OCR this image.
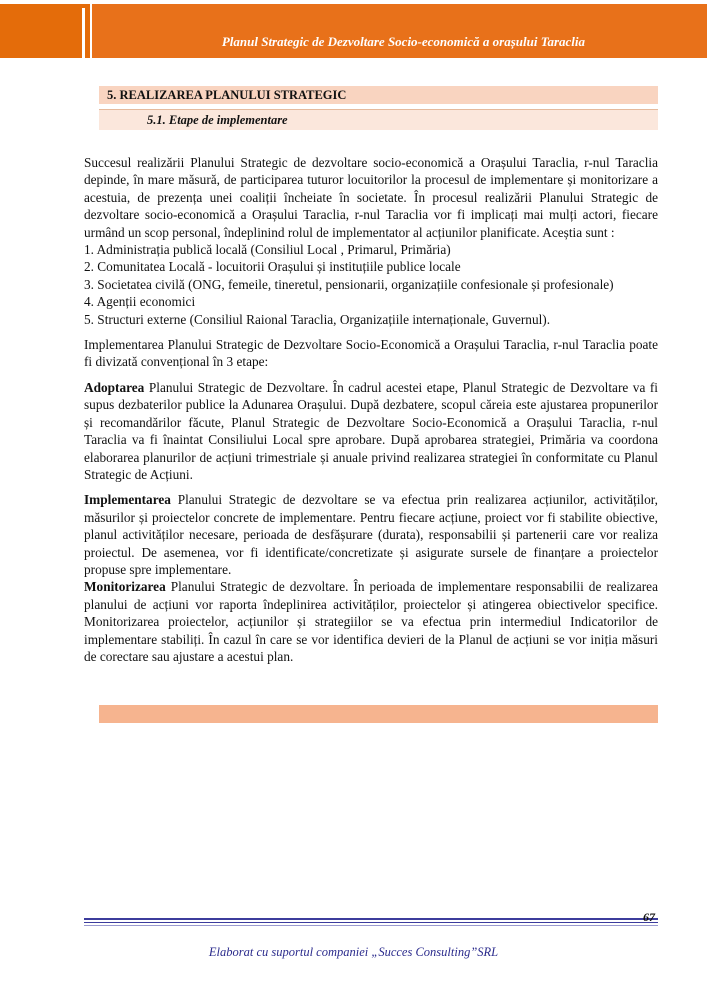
Planul Strategic de Dezvoltare Socio-economică a orașului Taraclia
5. REALIZAREA PLANULUI STRATEGIC
5.1. Etape de implementare

Succesul realizării Planului Strategic de dezvoltare socio-economică a Orașului Taraclia, r-nul Taraclia depinde, în mare măsură, de participarea tuturor locuitorilor la procesul de implementare și monitorizare a acestuia, de prezența unei coaliții încheiate în societate. În procesul realizării Planului Strategic de dezvoltare socio-economică a Orașului Taraclia, r-nul Taraclia vor fi implicați mai mulți actori, fiecare urmând un scop personal, îndeplinind rolul de implementator al acțiunilor planificate. Aceștia sunt :

1. Administrația publică locală (Consiliul Local , Primarul, Primăria)

2. Comunitatea Locală - locuitorii Orașului și instituțiile publice locale

3. Societatea civilă (ONG, femeile, tineretul, pensionarii, organizațiile confesionale și profesionale)

4. Agenții economici

5. Structuri externe (Consiliul Raional Taraclia, Organizațiile internaționale, Guvernul).

Implementarea Planului Strategic de Dezvoltare Socio-Economică a Orașului Taraclia, r-nul Taraclia poate fi divizată convențional în 3 etape:

Adoptarea Planului Strategic de Dezvoltare. În cadrul acestei etape, Planul Strategic de Dezvoltare va fi supus dezbaterilor publice la Adunarea Orașului. După dezbatere, scopul căreia este ajustarea propunerilor și recomandărilor făcute, Planul Strategic de Dezvoltare Socio-Economică a Orașului Taraclia, r-nul Taraclia va fi înaintat Consiliului Local spre aprobare. După aprobarea strategiei, Primăria va coordona elaborarea planurilor de acțiuni trimestriale și anuale privind realizarea strategiei în conformitate cu Planul Strategic de Acțiuni.

Implementarea Planului Strategic de dezvoltare se va efectua prin realizarea acțiunilor, activităților, măsurilor și proiectelor concrete de implementare. Pentru fiecare acțiune, proiect vor fi stabilite obiective, planul activităților necesare, perioada de desfășurare (durata), responsabilii și partenerii care vor realiza proiectul. De asemenea, vor fi identificate/concretizate și asigurate sursele de finanțare a proiectelor propuse spre implementare.

Monitorizarea Planului Strategic de dezvoltare. În perioada de implementare responsabilii de realizarea planului de acțiuni vor raporta îndeplinirea activităților, proiectelor și atingerea obiectivelor specifice. Monitorizarea proiectelor, acțiunilor și strategiilor se va efectua prin intermediul Indicatorilor de implementare stabiliți. În cazul în care se vor identifica devieri de la Planul de acțiuni se vor iniția măsuri de corectare sau ajustare a acestui plan.

67
Elaborat cu suportul companiei „Succes Consulting”SRL
